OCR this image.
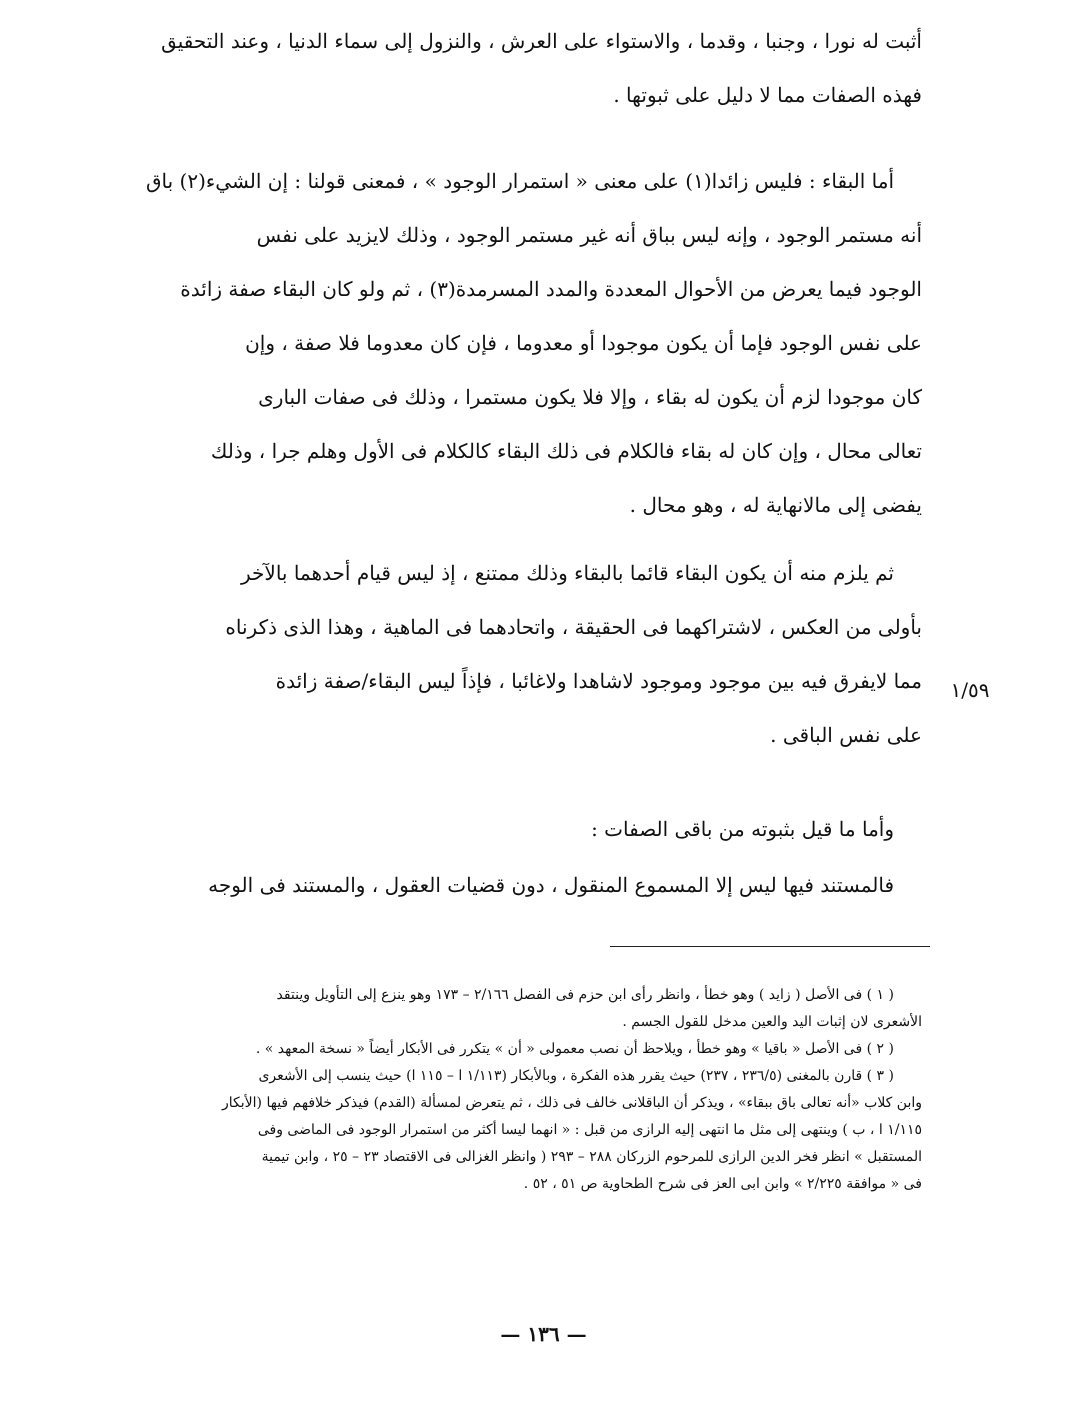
أثبت له نورا ، وجنبا ، وقدما ، والاستواء على العرش ، والنزول إلى سماء الدنيا ، وعند التحقيق
فهذه الصفات مما لا دليل على ثبوتها .
أما البقاء : فليس زائدا(١) على معنى « استمرار الوجود » ، فمعنى قولنا : إن الشيء(٢) باق
أنه مستمر الوجود ، وإنه ليس بباق أنه غير مستمر الوجود ، وذلك لايزيد على نفس
الوجود فيما يعرض من الأحوال المعددة والمدد المسرمدة(٣) ، ثم ولو كان البقاء صفة زائدة
على نفس الوجود فإما أن يكون موجودا أو معدوما ، فإن كان معدوما فلا صفة ، وإن
كان موجودا لزم أن يكون له بقاء ، وإلا فلا يكون مستمرا ، وذلك فى صفات البارى
تعالى محال ، وإن كان له بقاء فالكلام فى ذلك البقاء كالكلام فى الأول وهلم جرا ، وذلك
يفضى إلى مالانهاية له ، وهو محال .
ثم يلزم منه أن يكون البقاء قائما بالبقاء وذلك ممتنع ، إذ ليس قيام أحدهما بالآخر
بأولى من العكس ، لاشتراكهما فى الحقيقة ، واتحادهما فى الماهية ، وهذا الذى ذكرناه
مما لايفرق فيه بين موجود وموجود لاشاهدا ولاغائبا ، فإذاً ليس البقاء/صفة زائدة
على نفس الباقى .
١/٥٩
وأما ما قيل بثبوته من باقى الصفات :
فالمستند فيها ليس إلا المسموع المنقول ، دون قضيات العقول ، والمستند فى الوجه
( ١ ) فى الأصل ( زايد ) وهو خطأ ، وانظر رأى ابن حزم فى الفصل ٢/١٦٦ – ١٧٣ وهو ينزع إلى التأويل وينتقد
الأشعرى لان إثبات اليد والعين مدخل للقول الجسم .
( ٢ ) فى الأصل « باقيا » وهو خطأ ، ويلاحظ أن نصب معمولى « أن » يتكرر فى الأبكار أيضاً « نسخة المعهد » .
( ٣ ) قارن بالمغنى (٢٣٦/٥ ، ٢٣٧) حيث يقرر هذه الفكرة ، وبالأبكار (١/١١٣ ا – ١١٥ ا) حيث ينسب إلى الأشعرى
وابن كلاب «أنه تعالى باق ببقاء» ، ويذكر أن الباقلانى خالف فى ذلك ، ثم يتعرض لمسألة (القدم) فيذكر خلافهم فيها (الأبكار
١/١١٥ ا ، ب ) وينتهى إلى مثل ما انتهى إليه الرازى من قبل : « انهما ليسا أكثر من استمرار الوجود فى الماضى وفى
المستقبل » انظر فخر الدين الرازى للمرحوم الزركان ٢٨٨ – ٢٩٣ ( وانظر الغزالى فى الاقتصاد ٢٣ – ٢٥ ، وابن تيمية
فى « موافقة ٢/٢٢٥ » وابن ابى العز فى شرح الطحاوية ص ٥١ ، ٥٢ .
— ١٣٦ —
